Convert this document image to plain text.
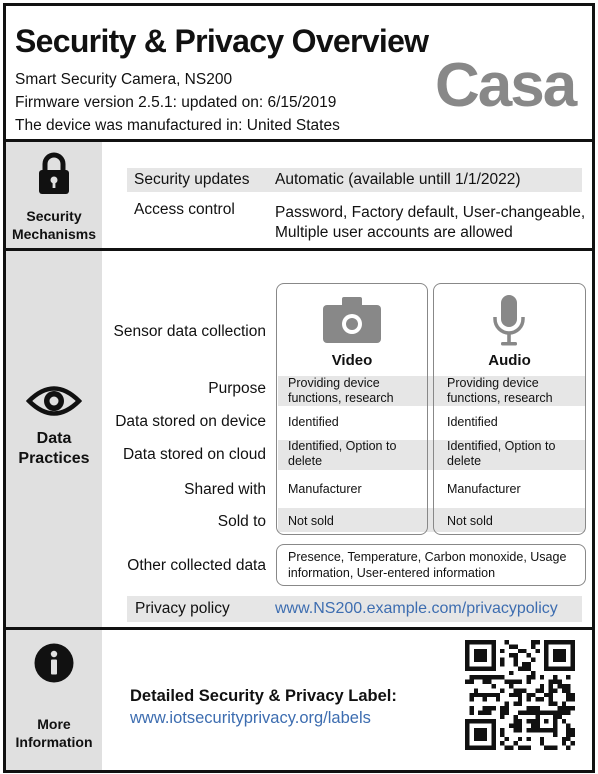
Security & Privacy Overview
Smart Security Camera, NS200
Firmware version 2.5.1: updated on: 6/15/2019
The device was manufactured in: United States
Casa
Security
Mechanisms
Security updates Automatic (available untill 1/1/2022)
Access control	Password, Factory default, User-changeable,
Multiple user accounts are allowed
Data
Practices
Sensor data collection
Purpose
Data stored on device
Data stored on cloud
Shared with
Sold to
Video
Providing device
functions, research
Identified
Identified, Option to
delete
Manufacturer
Not sold
Audio
Providing device
functions, research
Identified
Identified, Option to
delete
Manufacturer
Not sold
Other collected data Presence, Temperature, Carbon monoxide, Usage
information, User-entered information
Privacy policy	www.NS200.example.com/privacypolicy
More
Information
Detailed Security & Privacy Label:
www.iotsecurityprivacy.org/labels
